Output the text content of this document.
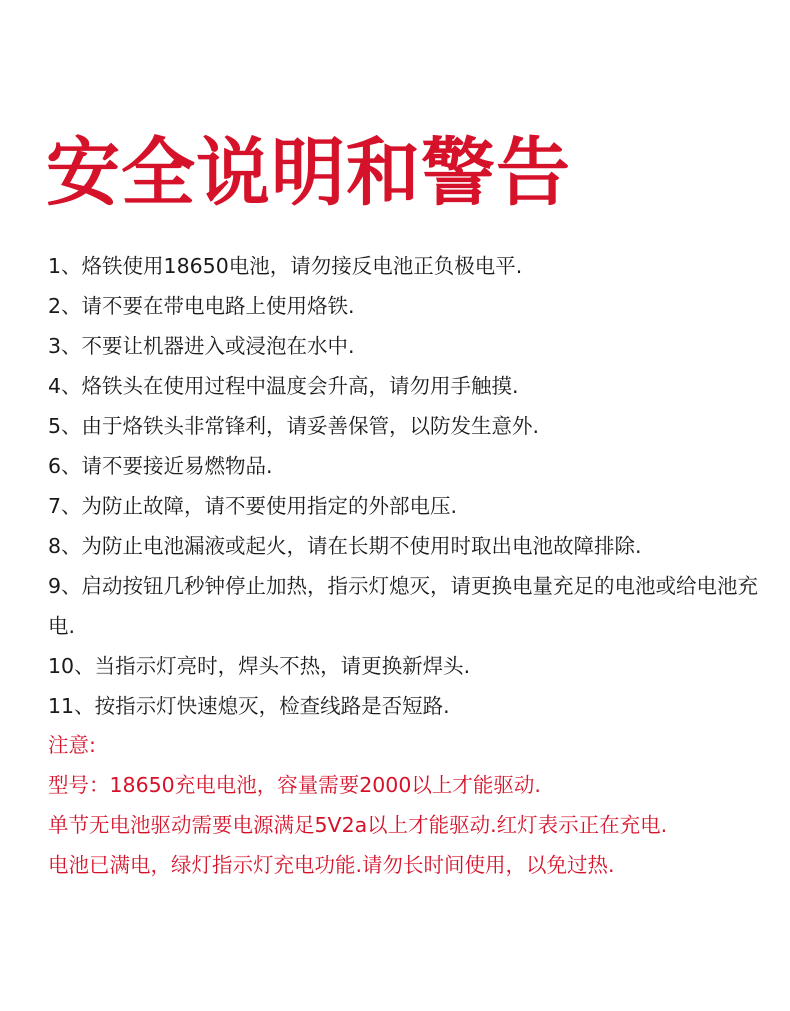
安全说明和警告
1、烙铁使用18650电池，请勿接反电池正负极电平.
2、请不要在带电电路上使用烙铁.
3、不要让机器进入或浸泡在水中.
4、烙铁头在使用过程中温度会升高，请勿用手触摸.
5、由于烙铁头非常锋利，请妥善保管，以防发生意外.
6、请不要接近易燃物品.
7、为防止故障，请不要使用指定的外部电压.
8、为防止电池漏液或起火，请在长期不使用时取出电池故障排除.
9、启动按钮几秒钟停止加热，指示灯熄灭，请更换电量充足的电池或给电池充电.
10、当指示灯亮时，焊头不热，请更换新焊头.
11、按指示灯快速熄灭，检查线路是否短路.
注意:
型号：18650充电电池，容量需要2000以上才能驱动.
单节无电池驱动需要电源满足5V2a以上才能驱动.红灯表示正在充电.
电池已满电，绿灯指示灯充电功能.请勿长时间使用，以免过热.
